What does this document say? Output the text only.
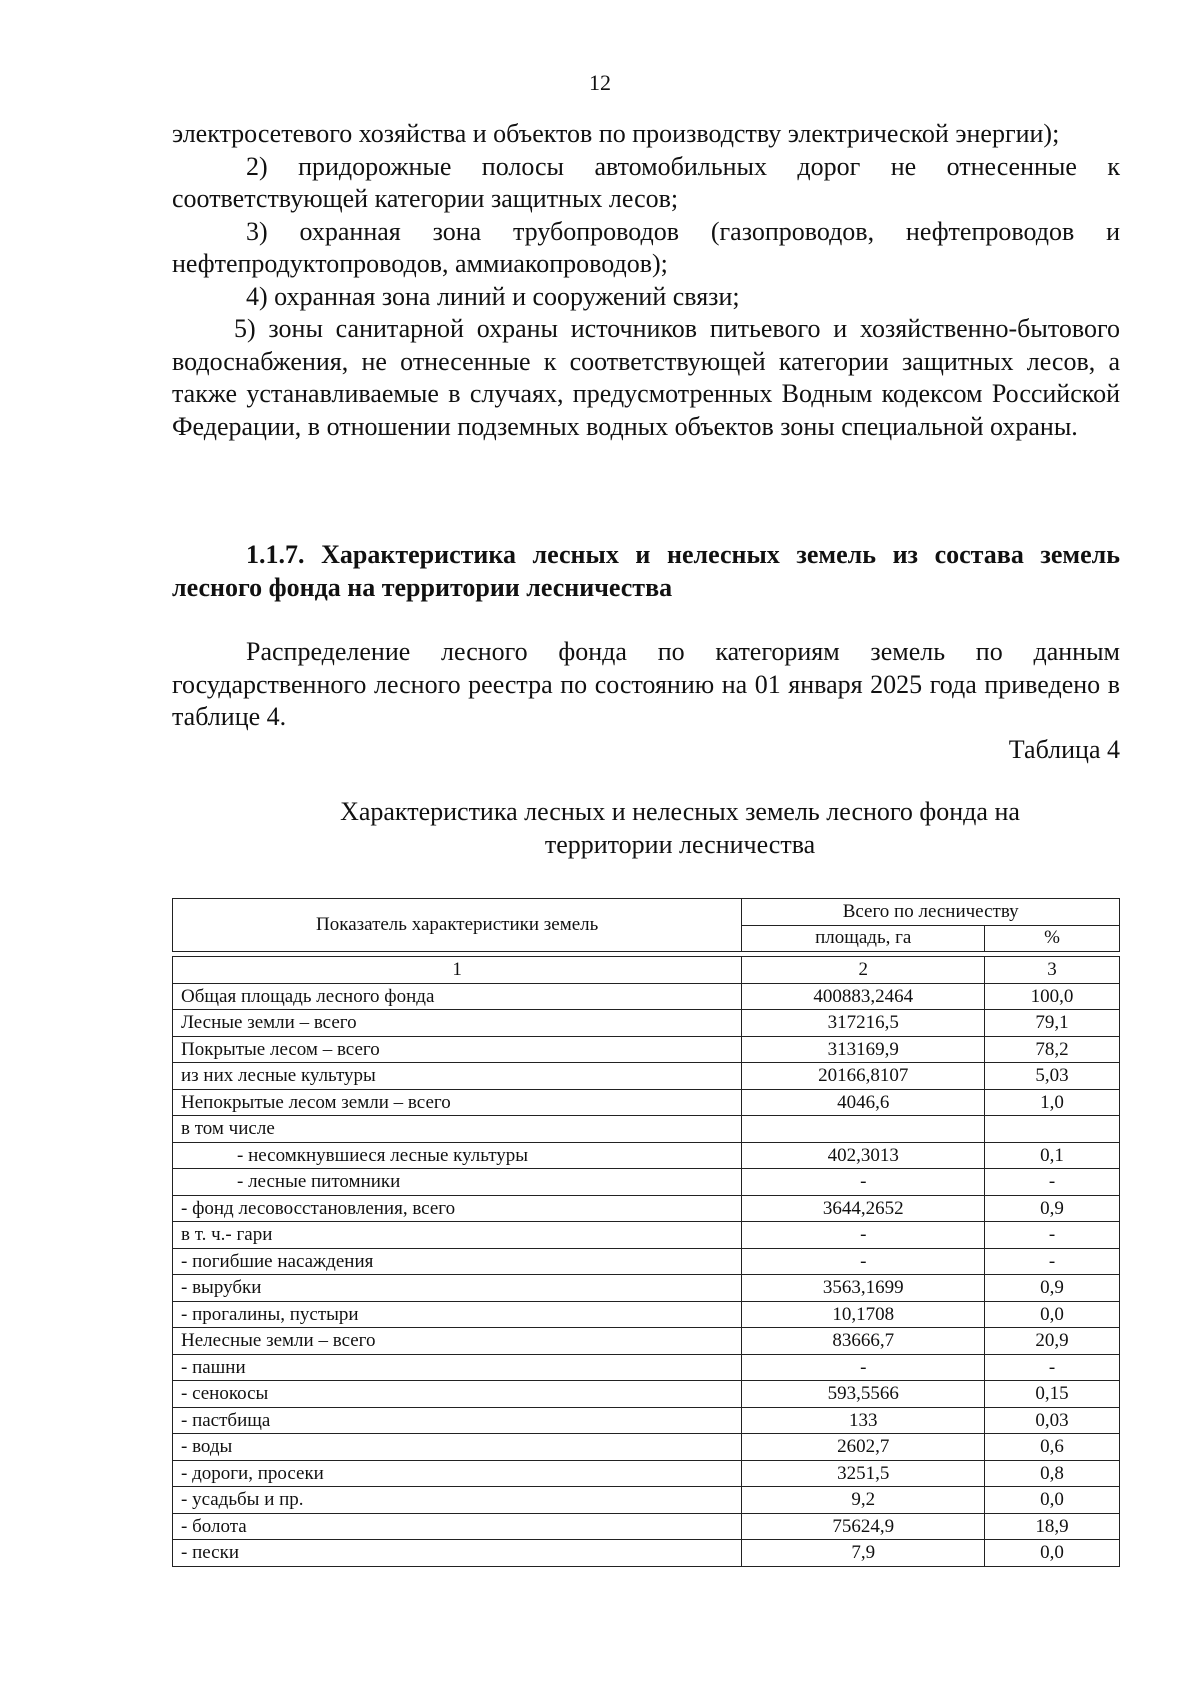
12

электросетевого хозяйства и объектов по производству электрической энергии);

2) придорожные полосы автомобильных дорог не отнесенные к соответствующей категории защитных лесов;

3) охранная зона трубопроводов (газопроводов, нефтепроводов и нефтепродуктопроводов, аммиакопроводов);

4) охранная зона линий и сооружений связи;

5) зоны санитарной охраны источников питьевого и хозяйственно-бытового водоснабжения, не отнесенные к соответствующей категории защитных лесов, а также устанавливаемые в случаях, предусмотренных Водным кодексом Российской Федерации, в отношении подземных водных объектов зоны специальной охраны.

1.1.7. Характеристика лесных и нелесных земель из состава земель лесного фонда на территории лесничества

Распределение лесного фонда по категориям земель по данным государственного лесного реестра по состоянию на 01 января 2025 года приведено в таблице 4.

Таблица 4
Характеристика лесных и нелесных земель лесного фонда на
территории лесничества
Показатель характеристики земель	Всего по лесничеству	
	площадь, га	%

1	2	3
Общая площадь лесного фонда	400883,2464	100,0
Лесные земли – всего	317216,5	79,1
Покрытые лесом – всего	313169,9	78,2
из них лесные культуры	20166,8107	5,03
Непокрытые лесом земли – всего	4046,6	1,0
в том числе		
- несомкнувшиеся лесные культуры	402,3013	0,1
- лесные питомники	-	-
- фонд лесовосстановления, всего	3644,2652	0,9
в т. ч.- гари	-	-
- погибшие насаждения	-	-
- вырубки	3563,1699	0,9
- прогалины, пустыри	10,1708	0,0
Нелесные земли – всего	83666,7	20,9
- пашни	-	-
- сенокосы	593,5566	0,15
- пастбища	133	0,03
- воды	2602,7	0,6
- дороги, просеки	3251,5	0,8
- усадьбы и пр.	9,2	0,0
- болота	75624,9	18,9
- пески	7,9	0,0
